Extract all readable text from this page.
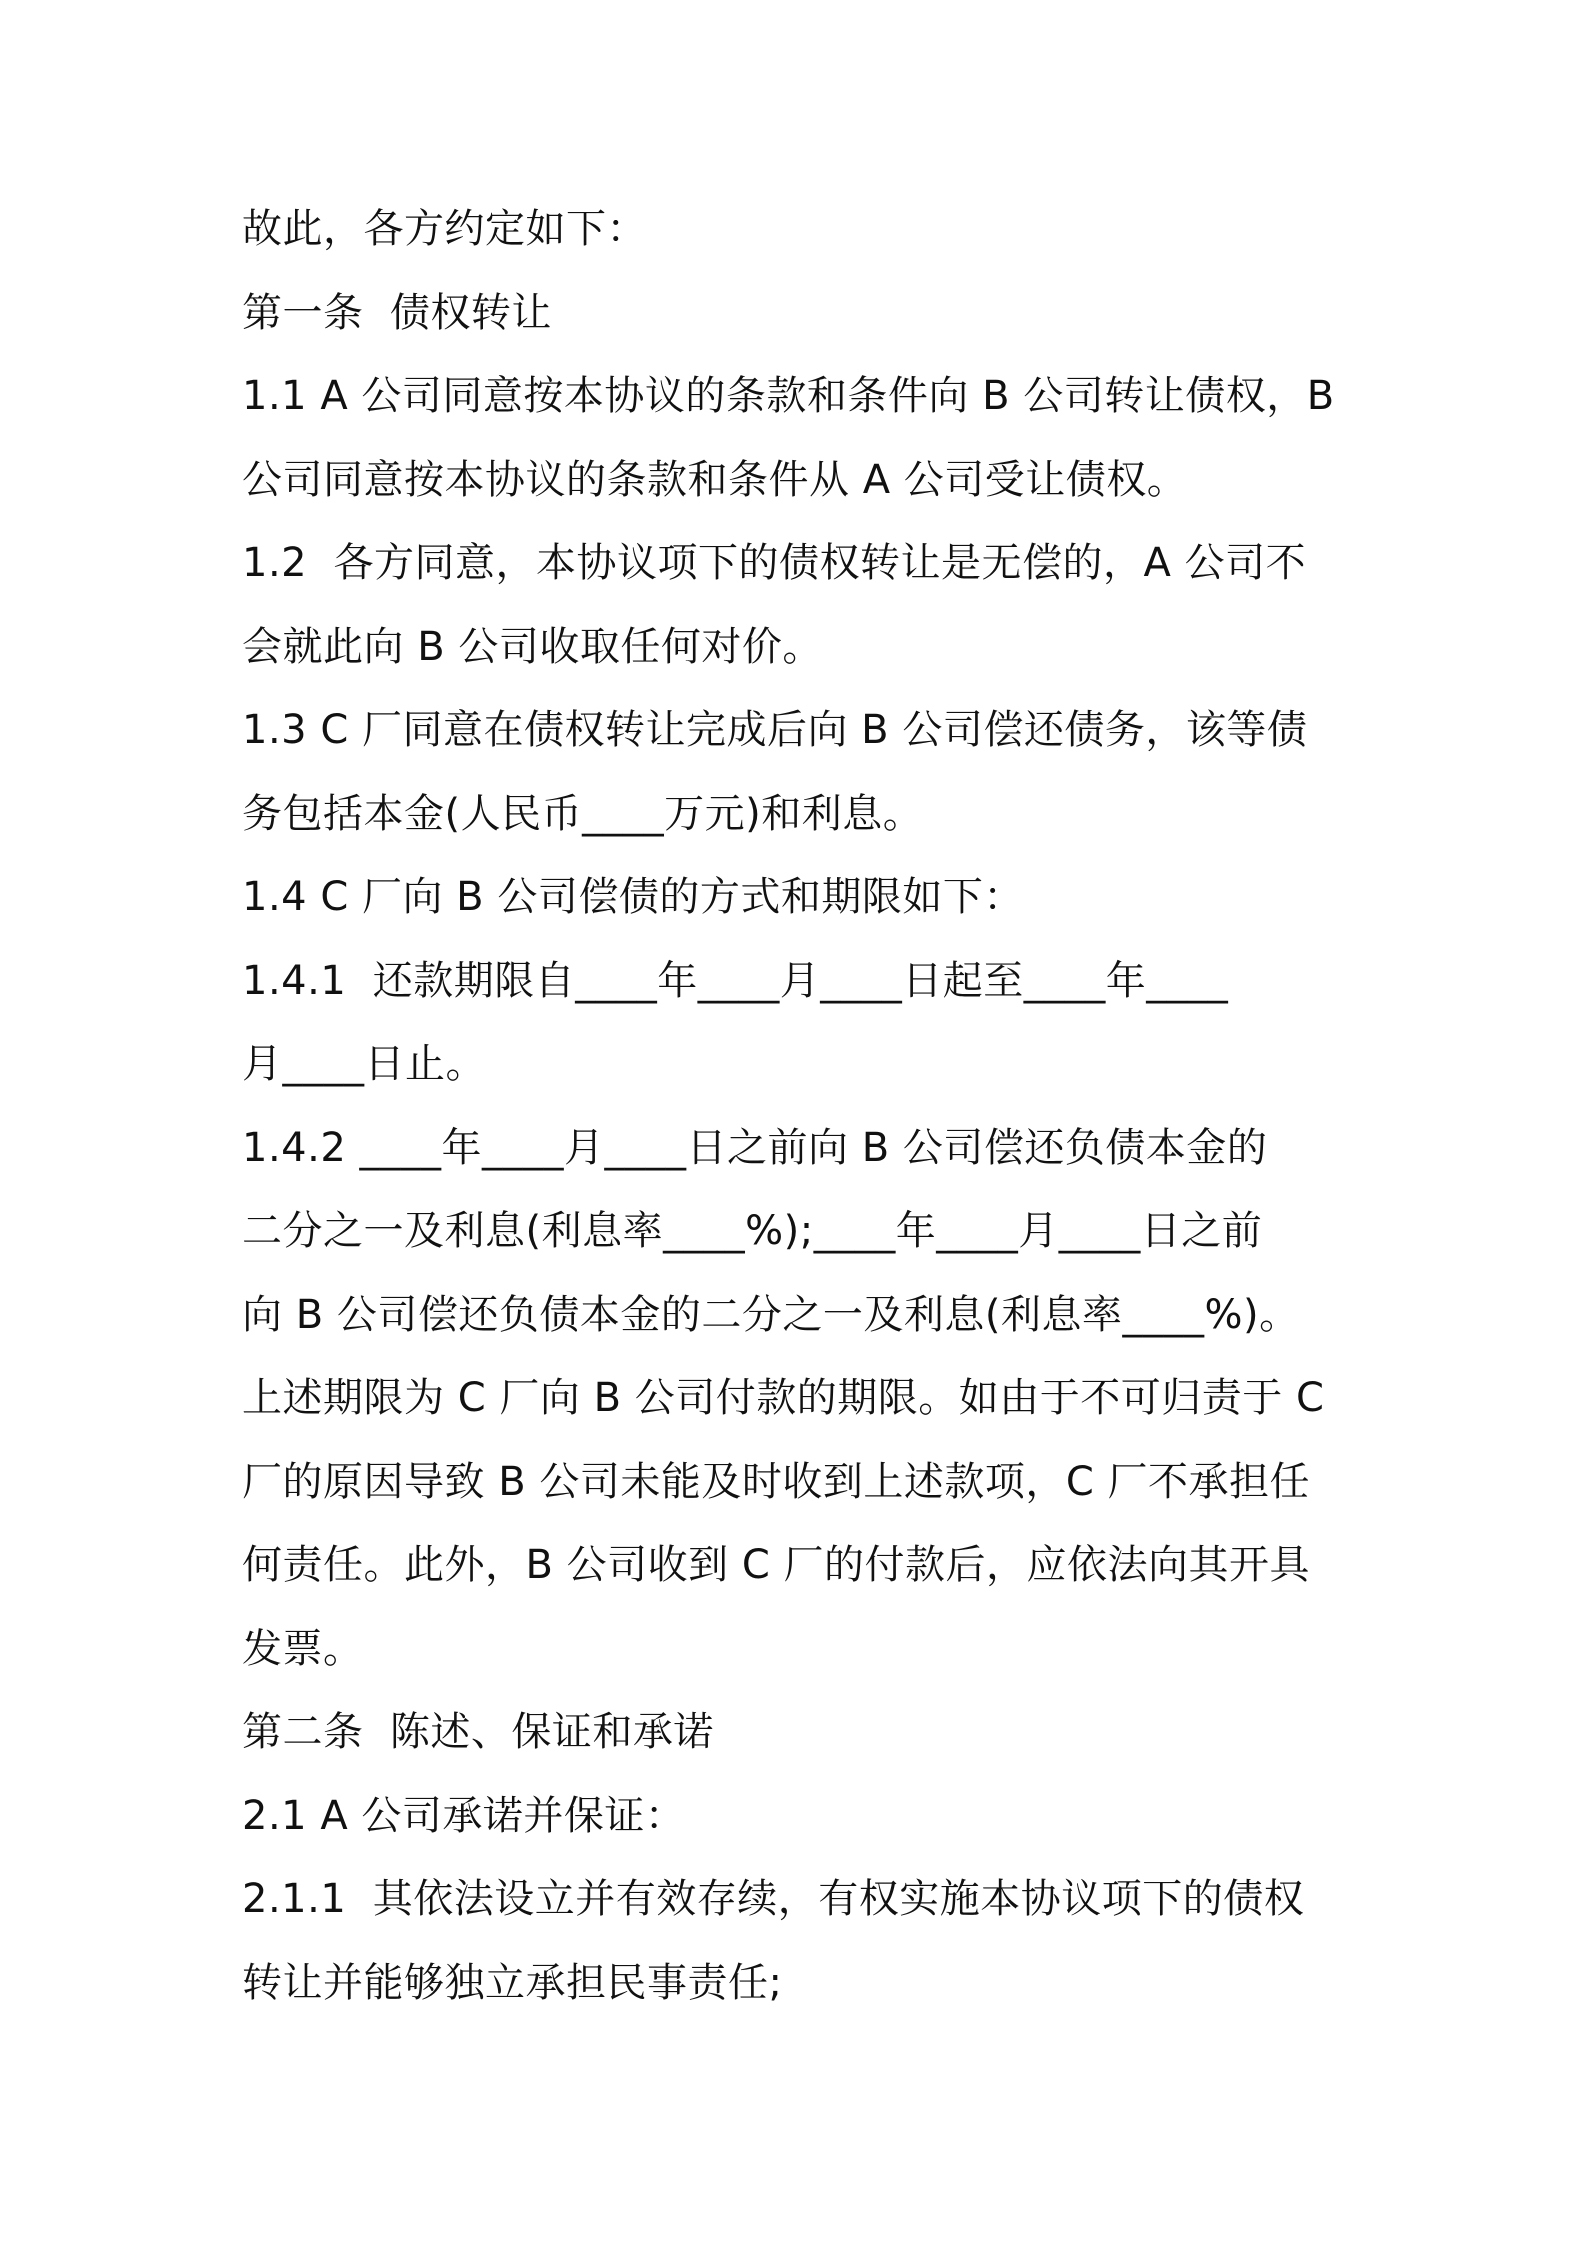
故此，各方约定如下：

第一条  债权转让

1.1 A 公司同意按本协议的条款和条件向 B 公司转让债权，B

公司同意按本协议的条款和条件从 A 公司受让债权。

1.2  各方同意，本协议项下的债权转让是无偿的，A 公司不

会就此向 B 公司收取任何对价。

1.3 C 厂同意在债权转让完成后向 B 公司偿还债务，该等债

务包括本金(人民币____万元)和利息。

1.4 C 厂向 B 公司偿债的方式和期限如下：

1.4.1  还款期限自____年____月____日起至____年____

月____日止。

1.4.2 ____年____月____日之前向 B 公司偿还负债本金的

二分之一及利息(利息率____%);____年____月____日之前

向 B 公司偿还负债本金的二分之一及利息(利息率____%)。

上述期限为 C 厂向 B 公司付款的期限。如由于不可归责于 C

厂的原因导致 B 公司未能及时收到上述款项，C 厂不承担任

何责任。此外，B 公司收到 C 厂的付款后，应依法向其开具

发票。

第二条  陈述、保证和承诺

2.1 A 公司承诺并保证：

2.1.1  其依法设立并有效存续，有权实施本协议项下的债权

转让并能够独立承担民事责任;
